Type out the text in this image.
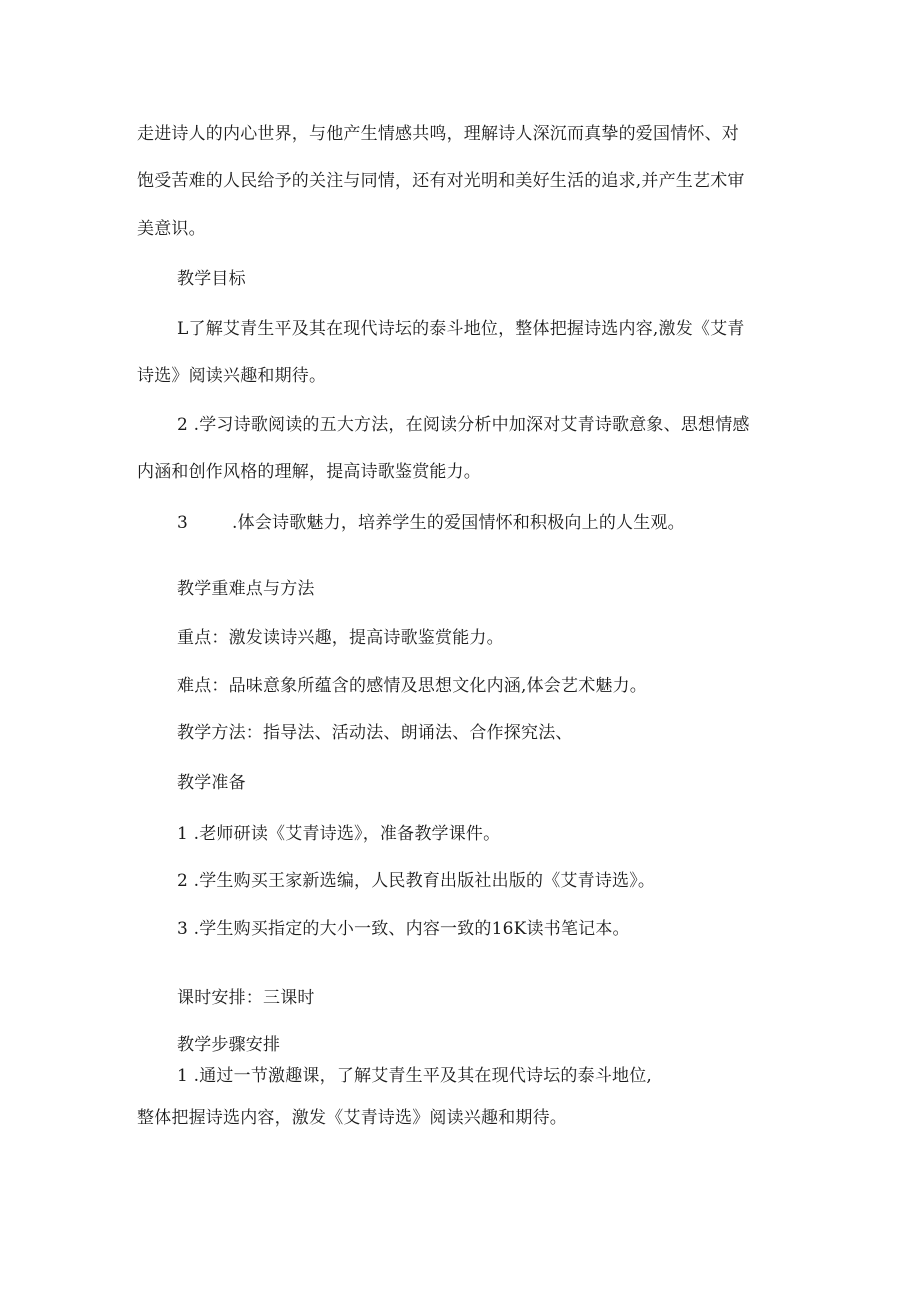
走进诗人的内心世界，与他产生情感共鸣，理解诗人深沉而真挚的爱国情怀、对
饱受苦难的人民给予的关注与同情，还有对光明和美好生活的追求,并产生艺术审
美意识。
教学目标
L了解艾青生平及其在现代诗坛的泰斗地位，整体把握诗选内容,激发《艾青
诗选》阅读兴趣和期待。
2 .学习诗歌阅读的五大方法，在阅读分析中加深对艾青诗歌意象、思想情感
内涵和创作风格的理解，提高诗歌鉴赏能力。
3	.体会诗歌魅力，培养学生的爱国情怀和积极向上的人生观。
教学重难点与方法
重点：激发读诗兴趣，提高诗歌鉴赏能力。
难点：品味意象所蕴含的感情及思想文化内涵,体会艺术魅力。
教学方法：指导法、活动法、朗诵法、合作探究法、
教学准备
1 .老师研读《艾青诗选》，准备教学课件。
2 .学生购买王家新选编，人民教育出版社出版的《艾青诗选》。
3 .学生购买指定的大小一致、内容一致的16K读书笔记本。
课时安排：三课时
教学步骤安排
1 .通过一节激趣课，了解艾青生平及其在现代诗坛的泰斗地位,
整体把握诗选内容，激发《艾青诗选》阅读兴趣和期待。
